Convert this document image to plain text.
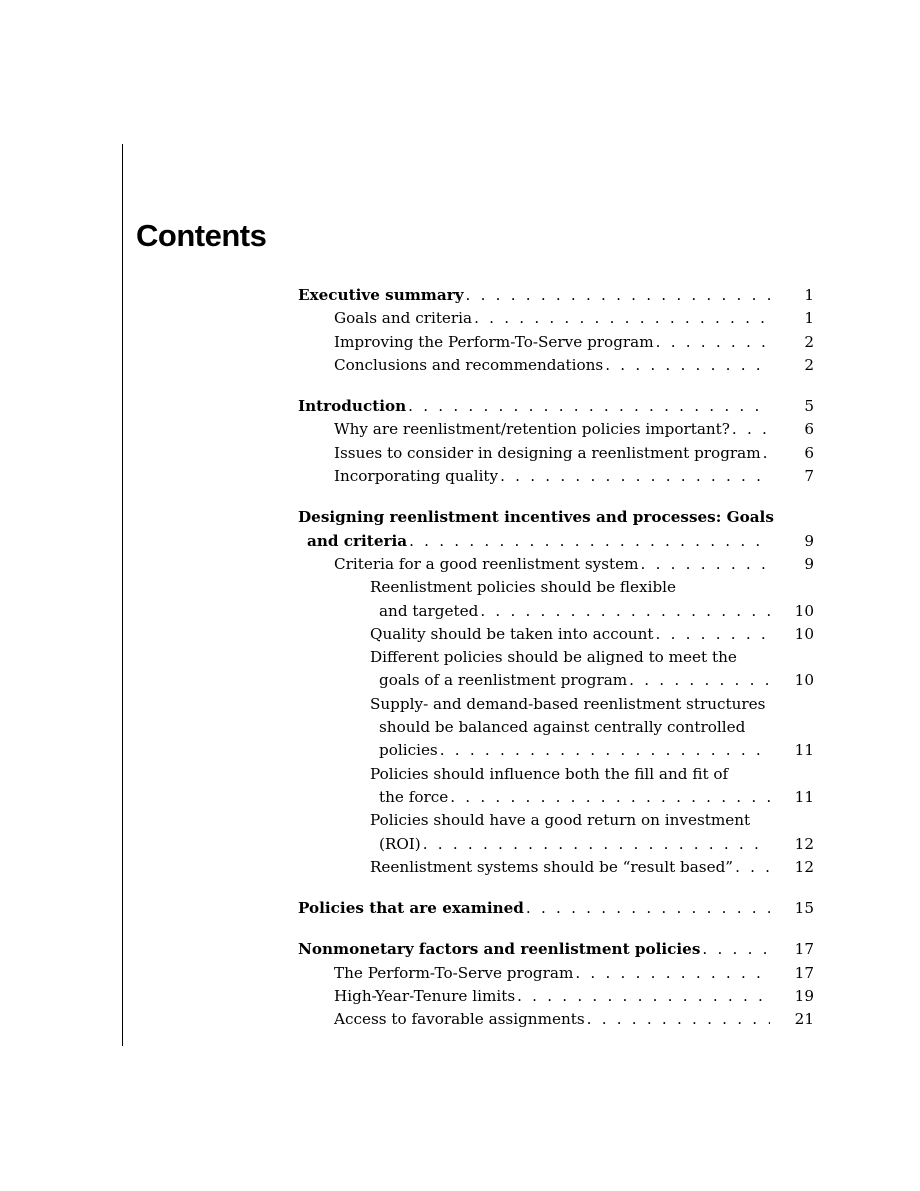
Contents
Executive summary . . .	1
Goals and criteria . . .	1
Improving the Perform-To-Serve program . . .	2
Conclusions and recommendations . . .	2
Introduction . . .	5
Why are reenlistment/retention policies important? . . .	6
Issues to consider in designing a reenlistment program . . .	6
Incorporating quality . . .	7
Designing reenlistment incentives and processes: Goals
and criteria . . .	9
Criteria for a good reenlistment system . . .	9
Reenlistment policies should be flexible
and targeted . . .	10
Quality should be taken into account . . .	10
Different policies should be aligned to meet the
goals of a reenlistment program . . .	10
Supply- and demand-based reenlistment structures
should be balanced against centrally controlled
policies . . .	11
Policies should influence both the fill and fit of
the force . . .	11
Policies should have a good return on investment
(ROI) . . .	12
Reenlistment systems should be “result based” . . .	12
Policies that are examined . . .	15
Nonmonetary factors and reenlistment policies . . .	17
The Perform-To-Serve program . . .	17
High-Year-Tenure limits . . .	19
Access to favorable assignments . . .	21
